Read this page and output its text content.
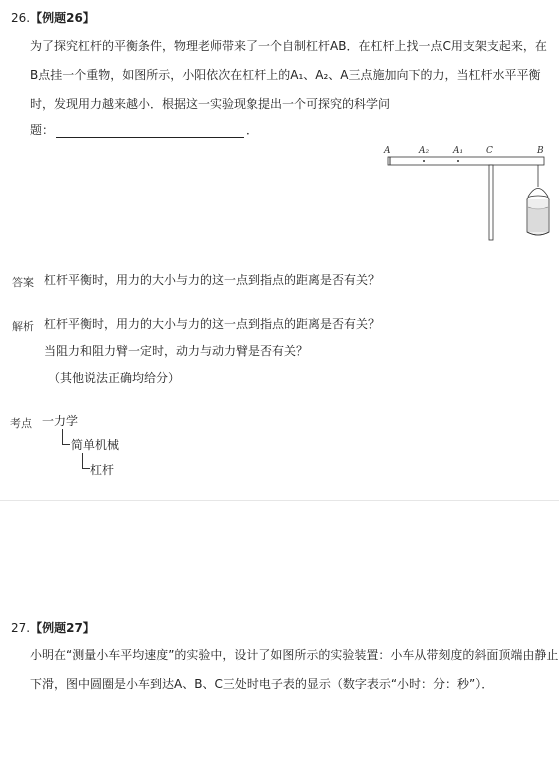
26.【例题26】
为了探究杠杆的平衡条件，物理老师带来了一个自制杠杆AB．在杠杆上找一点C用支架支起来，在
B点挂一个重物，如图所示，小阳依次在杠杆上的A₁、A₂、A三点施加向下的力，当杠杆水平平衡
时，发现用力越来越小．根据这一实验现象提出一个可探究的科学问
题：	．
A	A₂	A₁	C	B
答案 杠杆平衡时，用力的大小与力的这一点到指点的距离是否有关？
解析 杠杆平衡时，用力的大小与力的这一点到指点的距离是否有关？
当阻力和阻力臂一定时，动力与动力臂是否有关？
（其他说法正确均给分）
考点 一力学
简单机械
杠杆
27.【例题27】
小明在“测量小车平均速度”的实验中，设计了如图所示的实验装置：小车从带刻度的斜面顶端由静止
下滑，图中圆圈是小车到达A、B、C三处时电子表的显示（数字表示“小时：分：秒”）．
